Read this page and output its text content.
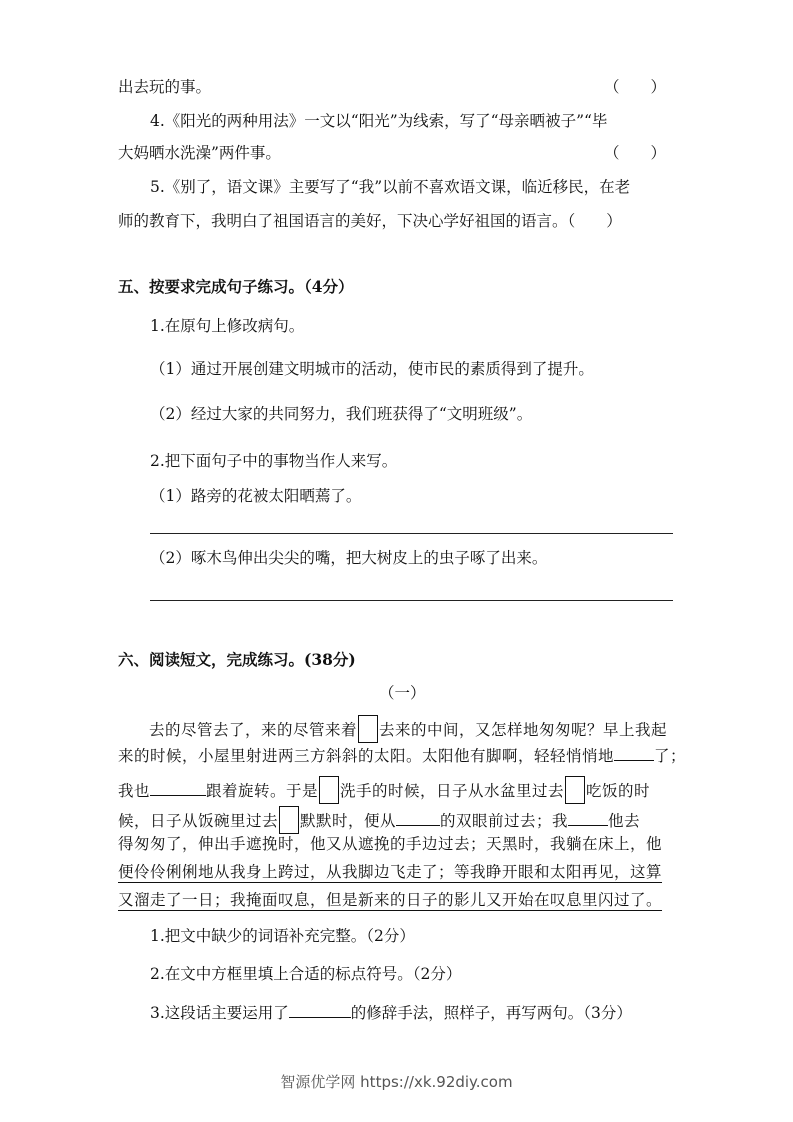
出去玩的事。	（　　）
4.《阳光的两种用法》一文以“阳光”为线索，写了“母亲晒被子”“毕
大妈晒水洗澡”两件事。	（　　）
5.《别了，语文课》主要写了“我”以前不喜欢语文课，临近移民，在老
师的教育下，我明白了祖国语言的美好，下决心学好祖国的语言。（　　）
五、按要求完成句子练习。（4分）
1.在原句上修改病句。
（1）通过开展创建文明城市的活动，使市民的素质得到了提升。
（2）经过大家的共同努力，我们班获得了“文明班级”。
2.把下面句子中的事物当作人来写。
（1）路旁的花被太阳晒蔫了。
（2）啄木鸟伸出尖尖的嘴，把大树皮上的虫子啄了出来。
六、阅读短文，完成练习。(38分)
（一）
去的尽管去了，来的尽管来着 去来的中间，又怎样地匆匆呢？早上我起
来的时候，小屋里射进两三方斜斜的太阳。太阳他有脚啊，轻轻悄悄地	了；
我也	跟着旋转。于是 洗手的时候，日子从水盆里过去 吃饭的时
候，日子从饭碗里过去 默默时，便从	的双眼前过去；我	他去
得匆匆了，伸出手遮挽时，他又从遮挽的手边过去；天黑时，我躺在床上，他
便伶伶俐俐地从我身上跨过，从我脚边飞走了；等我睁开眼和太阳再见，这算
又溜走了一日；我掩面叹息，但是新来的日子的影儿又开始在叹息里闪过了。
1.把文中缺少的词语补充完整。（2分）
2.在文中方框里填上合适的标点符号。（2分）
3.这段话主要运用了	的修辞手法，照样子，再写两句。（3分）
智源优学网 https://xk.92diy.com
